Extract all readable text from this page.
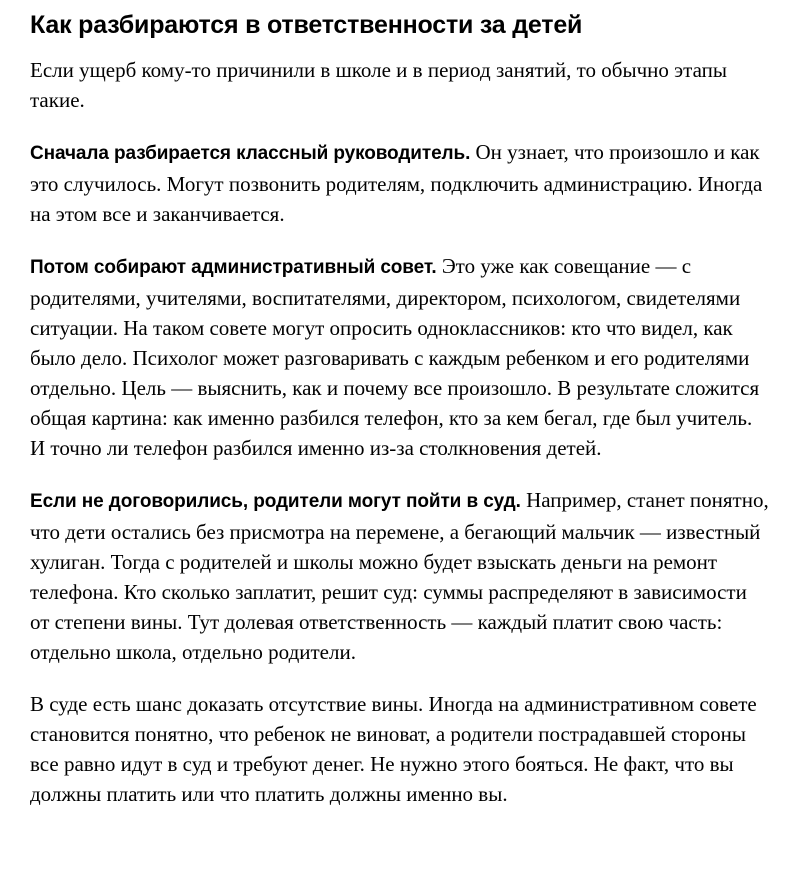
Как разбираются в ответственности за детей

Если ущерб кому-то причинили в школе и в период занятий, то обычно этапы такие.

Сначала разбирается классный руководитель. Он узнает, что произошло и как это случилось. Могут позвонить родителям, подключить администрацию. Иногда на этом все и заканчивается.

Потом собирают административный совет. Это уже как совещание — с родителями, учителями, воспитателями, директором, психологом, свидетелями ситуации. На таком совете могут опросить одноклассников: кто что видел, как было дело. Психолог может разговаривать с каждым ребенком и его родителями отдельно. Цель — выяснить, как и почему все произошло. В результате сложится общая картина: как именно разбился телефон, кто за кем бегал, где был учитель. И точно ли телефон разбился именно из-за столкновения детей.

Если не договорились, родители могут пойти в суд. Например, станет понятно, что дети остались без присмотра на перемене, а бегающий мальчик — известный хулиган. Тогда с родителей и школы можно будет взыскать деньги на ремонт телефона. Кто сколько заплатит, решит суд: суммы распределяют в зависимости от степени вины. Тут долевая ответственность — каждый платит свою часть: отдельно школа, отдельно родители.

В суде есть шанс доказать отсутствие вины. Иногда на административном совете становится понятно, что ребенок не виноват, а родители пострадавшей стороны все равно идут в суд и требуют денег. Не нужно этого бояться. Не факт, что вы должны платить или что платить должны именно вы.
